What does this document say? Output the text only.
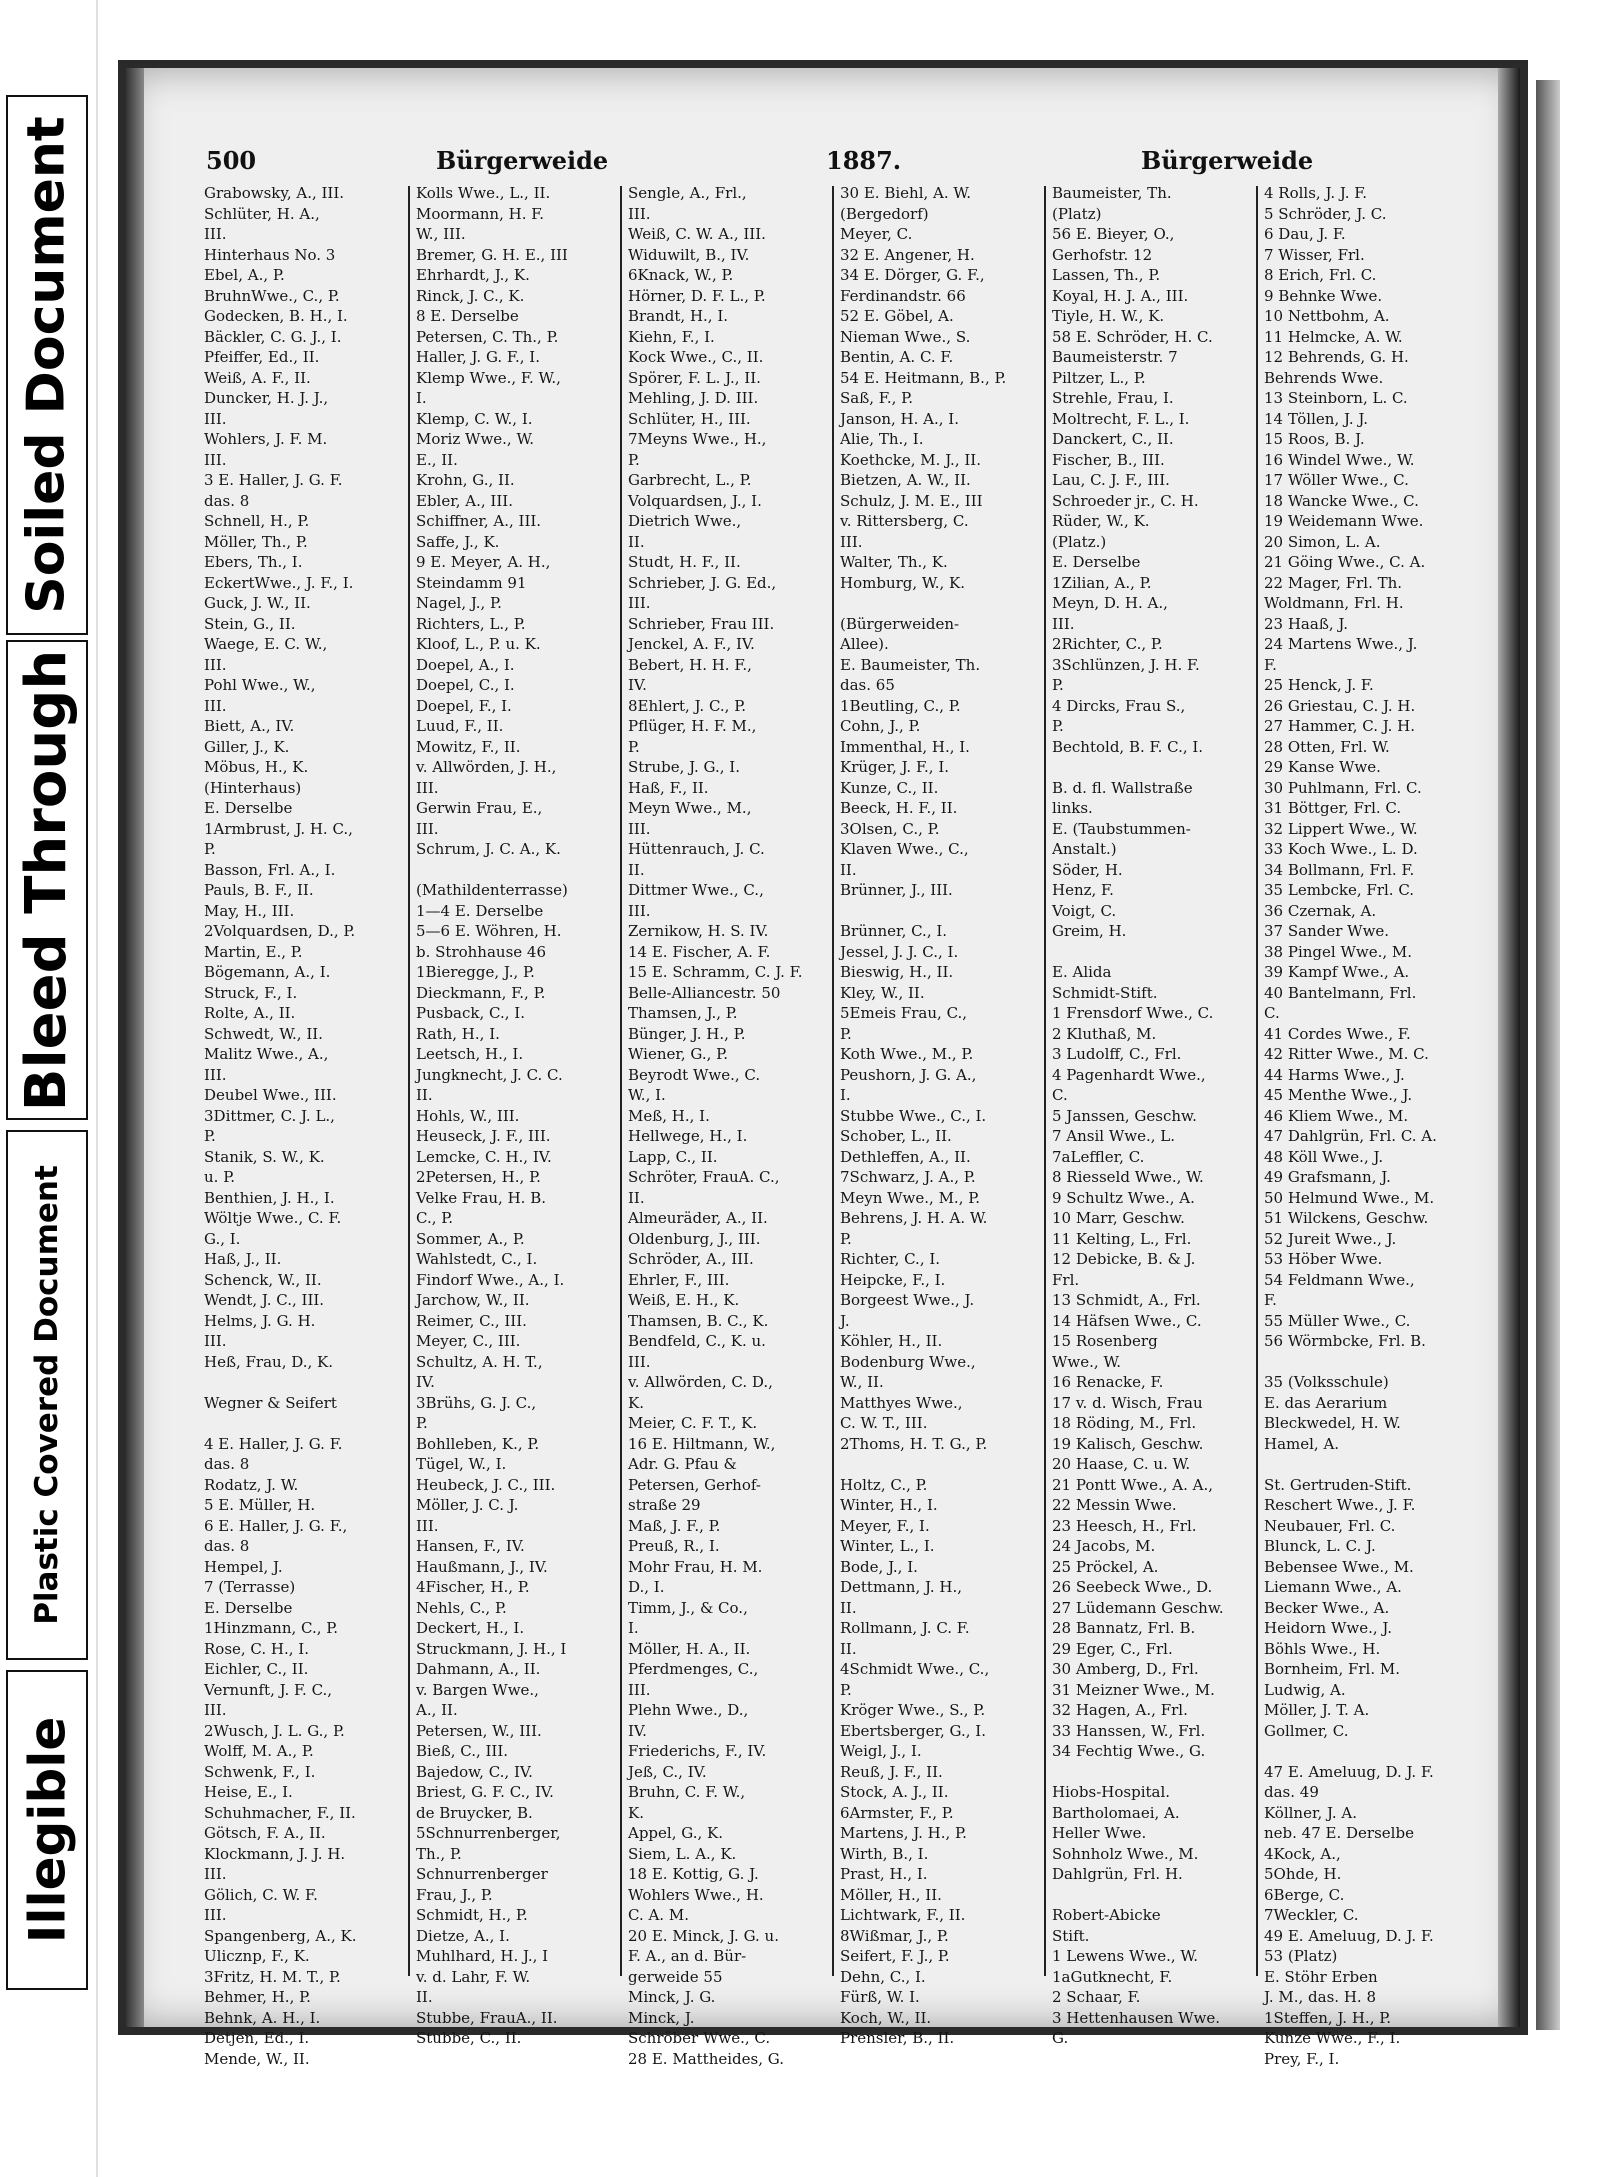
Soiled Document
Bleed Through
Plastic Covered Document
Illegible
500	Bürgerweide	1887.	Bürgerweide
Grabowsky, A., III.
Schlüter, H. A.,
III.
Hinterhaus No. 3
Ebel, A., P.
BruhnWwe., C., P.
Godecken, B. H., I.
Bäckler, C. G. J., I.
Pfeiffer, Ed., II.
Weiß, A. F., II.
Duncker, H. J. J.,
III.
Wohlers, J. F. M.
III.
3 E. Haller, J. G. F.
das. 8
Schnell, H., P.
Möller, Th., P.
Ebers, Th., I.
EckertWwe., J. F., I.
Guck, J. W., II.
Stein, G., II.
Waege, E. C. W.,
III.
Pohl Wwe., W.,
III.
Biett, A., IV.
Giller, J., K.
Möbus, H., K.
(Hinterhaus)
E. Derselbe
1Armbrust, J. H. C.,
P.
Basson, Frl. A., I.
Pauls, B. F., II.
May, H., III.
2Volquardsen, D., P.
Martin, E., P.
Bögemann, A., I.
Struck, F., I.
Rolte, A., II.
Schwedt, W., II.
Malitz Wwe., A.,
III.
Deubel Wwe., III.
3Dittmer, C. J. L.,
P.
Stanik, S. W., K.
u. P.
Benthien, J. H., I.
Wöltje Wwe., C. F.
G., I.
Haß, J., II.
Schenck, W., II.
Wendt, J. C., III.
Helms, J. G. H.
III.
Heß, Frau, D., K.

Wegner & Seifert

4 E. Haller, J. G. F.
das. 8
Rodatz, J. W.
5 E. Müller, H.
6 E. Haller, J. G. F.,
das. 8
Hempel, J.
7 (Terrasse)
E. Derselbe
1Hinzmann, C., P.
Rose, C. H., I.
Eichler, C., II.
Vernunft, J. F. C.,
III.
2Wusch, J. L. G., P.
Wolff, M. A., P.
Schwenk, F., I.
Heise, E., I.
Schuhmacher, F., II.
Götsch, F. A., II.
Klockmann, J. J. H.
III.
Gölich, C. W. F.
III.
Spangenberg, A., K.
Ulicznp, F., K.
3Fritz, H. M. T., P.
Behmer, H., P.
Behnk, A. H., I.
Detjen, Ed., I.
Mende, W., II.
Kolls Wwe., L., II.
Moormann, H. F.
W., III.
Bremer, G. H. E., III
Ehrhardt, J., K.
Rinck, J. C., K.
8 E. Derselbe
Petersen, C. Th., P.
Haller, J. G. F., I.
Klemp Wwe., F. W.,
I.
Klemp, C. W., I.
Moriz Wwe., W.
E., II.
Krohn, G., II.
Ebler, A., III.
Schiffner, A., III.
Saffe, J., K.
9 E. Meyer, A. H.,
Steindamm 91
Nagel, J., P.
Richters, L., P.
Kloof, L., P. u. K.
Doepel, A., I.
Doepel, C., I.
Doepel, F., I.
Luud, F., II.
Mowitz, F., II.
v. Allwörden, J. H.,
III.
Gerwin Frau, E.,
III.
Schrum, J. C. A., K.

(Mathildenterrasse)
1—4 E. Derselbe
5—6 E. Wöhren, H.
b. Strohhause 46
1Bieregge, J., P.
Dieckmann, F., P.
Pusback, C., I.
Rath, H., I.
Leetsch, H., I.
Jungknecht, J. C. C.
II.
Hohls, W., III.
Heuseck, J. F., III.
Lemcke, C. H., IV.
2Petersen, H., P.
Velke Frau, H. B.
C., P.
Sommer, A., P.
Wahlstedt, C., I.
Findorf Wwe., A., I.
Jarchow, W., II.
Reimer, C., III.
Meyer, C., III.
Schultz, A. H. T.,
IV.
3Brühs, G. J. C.,
P.
Bohlleben, K., P.
Tügel, W., I.
Heubeck, J. C., III.
Möller, J. C. J.
III.
Hansen, F., IV.
Haußmann, J., IV.
4Fischer, H., P.
Nehls, C., P.
Deckert, H., I.
Struckmann, J. H., I
Dahmann, A., II.
v. Bargen Wwe.,
A., II.
Petersen, W., III.
Bieß, C., III.
Bajedow, C., IV.
Briest, G. F. C., IV.
de Bruycker, B.
5Schnurrenberger,
Th., P.
Schnurrenberger
Frau, J., P.
Schmidt, H., P.
Dietze, A., I.
Muhlhard, H. J., I
v. d. Lahr, F. W.
II.
Stubbe, FrauA., II.
Stubbe, C., II.
Sengle, A., Frl.,
III.
Weiß, C. W. A., III.
Widuwilt, B., IV.
6Knack, W., P.
Hörner, D. F. L., P.
Brandt, H., I.
Kiehn, F., I.
Kock Wwe., C., II.
Spörer, F. L. J., II.
Mehling, J. D. III.
Schlüter, H., III.
7Meyns Wwe., H.,
P.
Garbrecht, L., P.
Volquardsen, J., I.
Dietrich Wwe.,
II.
Studt, H. F., II.
Schrieber, J. G. Ed.,
III.
Schrieber, Frau III.
Jenckel, A. F., IV.
Bebert, H. H. F.,
IV.
8Ehlert, J. C., P.
Pflüger, H. F. M.,
P.
Strube, J. G., I.
Haß, F., II.
Meyn Wwe., M.,
III.
Hüttenrauch, J. C.
II.
Dittmer Wwe., C.,
III.
Zernikow, H. S. IV.
14 E. Fischer, A. F.
15 E. Schramm, C. J. F.
Belle-Alliancestr. 50
Thamsen, J., P.
Bünger, J. H., P.
Wiener, G., P.
Beyrodt Wwe., C.
W., I.
Meß, H., I.
Hellwege, H., I.
Lapp, C., II.
Schröter, FrauA. C.,
II.
Almeuräder, A., II.
Oldenburg, J., III.
Schröder, A., III.
Ehrler, F., III.
Weiß, E. H., K.
Thamsen, B. C., K.
Bendfeld, C., K. u.
III.
v. Allwörden, C. D.,
K.
Meier, C. F. T., K.
16 E. Hiltmann, W.,
Adr. G. Pfau &
Petersen, Gerhof-
straße 29
Maß, J. F., P.
Preuß, R., I.
Mohr Frau, H. M.
D., I.
Timm, J., & Co.,
I.
Möller, H. A., II.
Pferdmenges, C.,
III.
Plehn Wwe., D.,
IV.
Friederichs, F., IV.
Jeß, C., IV.
Bruhn, C. F. W.,
K.
Appel, G., K.
Siem, L. A., K.
18 E. Kottig, G. J.
Wohlers Wwe., H.
C. A. M.
20 E. Minck, J. G. u.
F. A., an d. Bür-
gerweide 55
Minck, J. G.
Minck, J.
Schröber Wwe., C.
28 E. Mattheides, G.
30 E. Biehl, A. W.
(Bergedorf)
Meyer, C.
32 E. Angener, H.
34 E. Dörger, G. F.,
Ferdinandstr. 66
52 E. Göbel, A.
Nieman Wwe., S.
Bentin, A. C. F.
54 E. Heitmann, B., P.
Saß, F., P.
Janson, H. A., I.
Alie, Th., I.
Koethcke, M. J., II.
Bietzen, A. W., II.
Schulz, J. M. E., III
v. Rittersberg, C.
III.
Walter, Th., K.
Homburg, W., K.

(Bürgerweiden-
Allee).
E. Baumeister, Th.
das. 65
1Beutling, C., P.
Cohn, J., P.
Immenthal, H., I.
Krüger, J. F., I.
Kunze, C., II.
Beeck, H. F., II.
3Olsen, C., P.
Klaven Wwe., C.,
II.
Brünner, J., III.

Brünner, C., I.
Jessel, J. J. C., I.
Bieswig, H., II.
Kley, W., II.
5Emeis Frau, C.,
P.
Koth Wwe., M., P.
Peushorn, J. G. A.,
I.
Stubbe Wwe., C., I.
Schober, L., II.
Dethleffen, A., II.
7Schwarz, J. A., P.
Meyn Wwe., M., P.
Behrens, J. H. A. W.
P.
Richter, C., I.
Heipcke, F., I.
Borgeest Wwe., J.
J.
Köhler, H., II.
Bodenburg Wwe.,
W., II.
Matthyes Wwe.,
C. W. T., III.
2Thoms, H. T. G., P.

Holtz, C., P.
Winter, H., I.
Meyer, F., I.
Winter, L., I.
Bode, J., I.
Dettmann, J. H.,
II.
Rollmann, J. C. F.
II.
4Schmidt Wwe., C.,
P.
Kröger Wwe., S., P.
Ebertsberger, G., I.
Weigl, J., I.
Reuß, J. F., II.
Stock, A. J., II.
6Armster, F., P.
Martens, J. H., P.
Wirth, B., I.
Prast, H., I.
Möller, H., II.
Lichtwark, F., II.
8Wißmar, J., P.
Seifert, F. J., P.
Dehn, C., I.
Fürß, W. I.
Koch, W., II.
Prensler, B., II.
Baumeister, Th.
(Platz)
56 E. Bieyer, O.,
Gerhofstr. 12
Lassen, Th., P.
Koyal, H. J. A., III.
Tiyle, H. W., K.
58 E. Schröder, H. C.
Baumeisterstr. 7
Piltzer, L., P.
Strehle, Frau, I.
Moltrecht, F. L., I.
Danckert, C., II.
Fischer, B., III.
Lau, C. J. F., III.
Schroeder jr., C. H.
Rüder, W., K.
(Platz.)
E. Derselbe
1Zilian, A., P.
Meyn, D. H. A.,
III.
2Richter, C., P.
3Schlünzen, J. H. F.
P.
4 Dircks, Frau S.,
P.
Bechtold, B. F. C., I.

B. d. fl. Wallstraße
links.
E. (Taubstummen-
Anstalt.)
Söder, H.
Henz, F.
Voigt, C.
Greim, H.

E. Alida
Schmidt-Stift.
1 Frensdorf Wwe., C.
2 Kluthaß, M.
3 Ludolff, C., Frl.
4 Pagenhardt Wwe.,
C.
5 Janssen, Geschw.
7 Ansil Wwe., L.
7aLeffler, C.
8 Riesseld Wwe., W.
9 Schultz Wwe., A.
10 Marr, Geschw.
11 Kelting, L., Frl.
12 Debicke, B. & J.
Frl.
13 Schmidt, A., Frl.
14 Häfsen Wwe., C.
15 Rosenberg
Wwe., W.
16 Renacke, F.
17 v. d. Wisch, Frau
18 Röding, M., Frl.
19 Kalisch, Geschw.
20 Haase, C. u. W.
21 Pontt Wwe., A. A.,
22 Messin Wwe.
23 Heesch, H., Frl.
24 Jacobs, M.
25 Pröckel, A.
26 Seebeck Wwe., D.
27 Lüdemann Geschw.
28 Bannatz, Frl. B.
29 Eger, C., Frl.
30 Amberg, D., Frl.
31 Meizner Wwe., M.
32 Hagen, A., Frl.
33 Hanssen, W., Frl.
34 Fechtig Wwe., G.

Hiobs-Hospital.
Bartholomaei, A.
Heller Wwe.
Sohnholz Wwe., M.
Dahlgrün, Frl. H.

Robert-Abicke
Stift.
1 Lewens Wwe., W.
1aGutknecht, F.
2 Schaar, F.
3 Hettenhausen Wwe.
G.
4 Rolls, J. J. F.
5 Schröder, J. C.
6 Dau, J. F.
7 Wisser, Frl.
8 Erich, Frl. C.
9 Behnke Wwe.
10 Nettbohm, A.
11 Helmcke, A. W.
12 Behrends, G. H.
Behrends Wwe.
13 Steinborn, L. C.
14 Töllen, J. J.
15 Roos, B. J.
16 Windel Wwe., W.
17 Wöller Wwe., C.
18 Wancke Wwe., C.
19 Weidemann Wwe.
20 Simon, L. A.
21 Göing Wwe., C. A.
22 Mager, Frl. Th.
Woldmann, Frl. H.
23 Haaß, J.
24 Martens Wwe., J.
F.
25 Henck, J. F.
26 Griestau, C. J. H.
27 Hammer, C. J. H.
28 Otten, Frl. W.
29 Kanse Wwe.
30 Puhlmann, Frl. C.
31 Böttger, Frl. C.
32 Lippert Wwe., W.
33 Koch Wwe., L. D.
34 Bollmann, Frl. F.
35 Lembcke, Frl. C.
36 Czernak, A.
37 Sander Wwe.
38 Pingel Wwe., M.
39 Kampf Wwe., A.
40 Bantelmann, Frl.
C.
41 Cordes Wwe., F.
42 Ritter Wwe., M. C.
44 Harms Wwe., J.
45 Menthe Wwe., J.
46 Kliem Wwe., M.
47 Dahlgrün, Frl. C. A.
48 Köll Wwe., J.
49 Grafsmann, J.
50 Helmund Wwe., M.
51 Wilckens, Geschw.
52 Jureit Wwe., J.
53 Höber Wwe.
54 Feldmann Wwe.,
F.
55 Müller Wwe., C.
56 Wörmbcke, Frl. B.

35 (Volksschule)
E. das Aerarium
Bleckwedel, H. W.
Hamel, A.

St. Gertruden-Stift.
Reschert Wwe., J. F.
Neubauer, Frl. C.
Blunck, L. C. J.
Bebensee Wwe., M.
Liemann Wwe., A.
Becker Wwe., A.
Heidorn Wwe., J.
Böhls Wwe., H.
Bornheim, Frl. M.
Ludwig, A.
Möller, J. T. A.
Gollmer, C.

47 E. Ameluug, D. J. F.
das. 49
Köllner, J. A.
neb. 47 E. Derselbe
4Kock, A.,
5Ohde, H.
6Berge, C.
7Weckler, C.
49 E. Ameluug, D. J. F.
53 (Platz)
E. Stöhr Erben
J. M., das. H. 8
1Steffen, J. H., P.
Kunze Wwe., F., I.
Prey, F., I.
